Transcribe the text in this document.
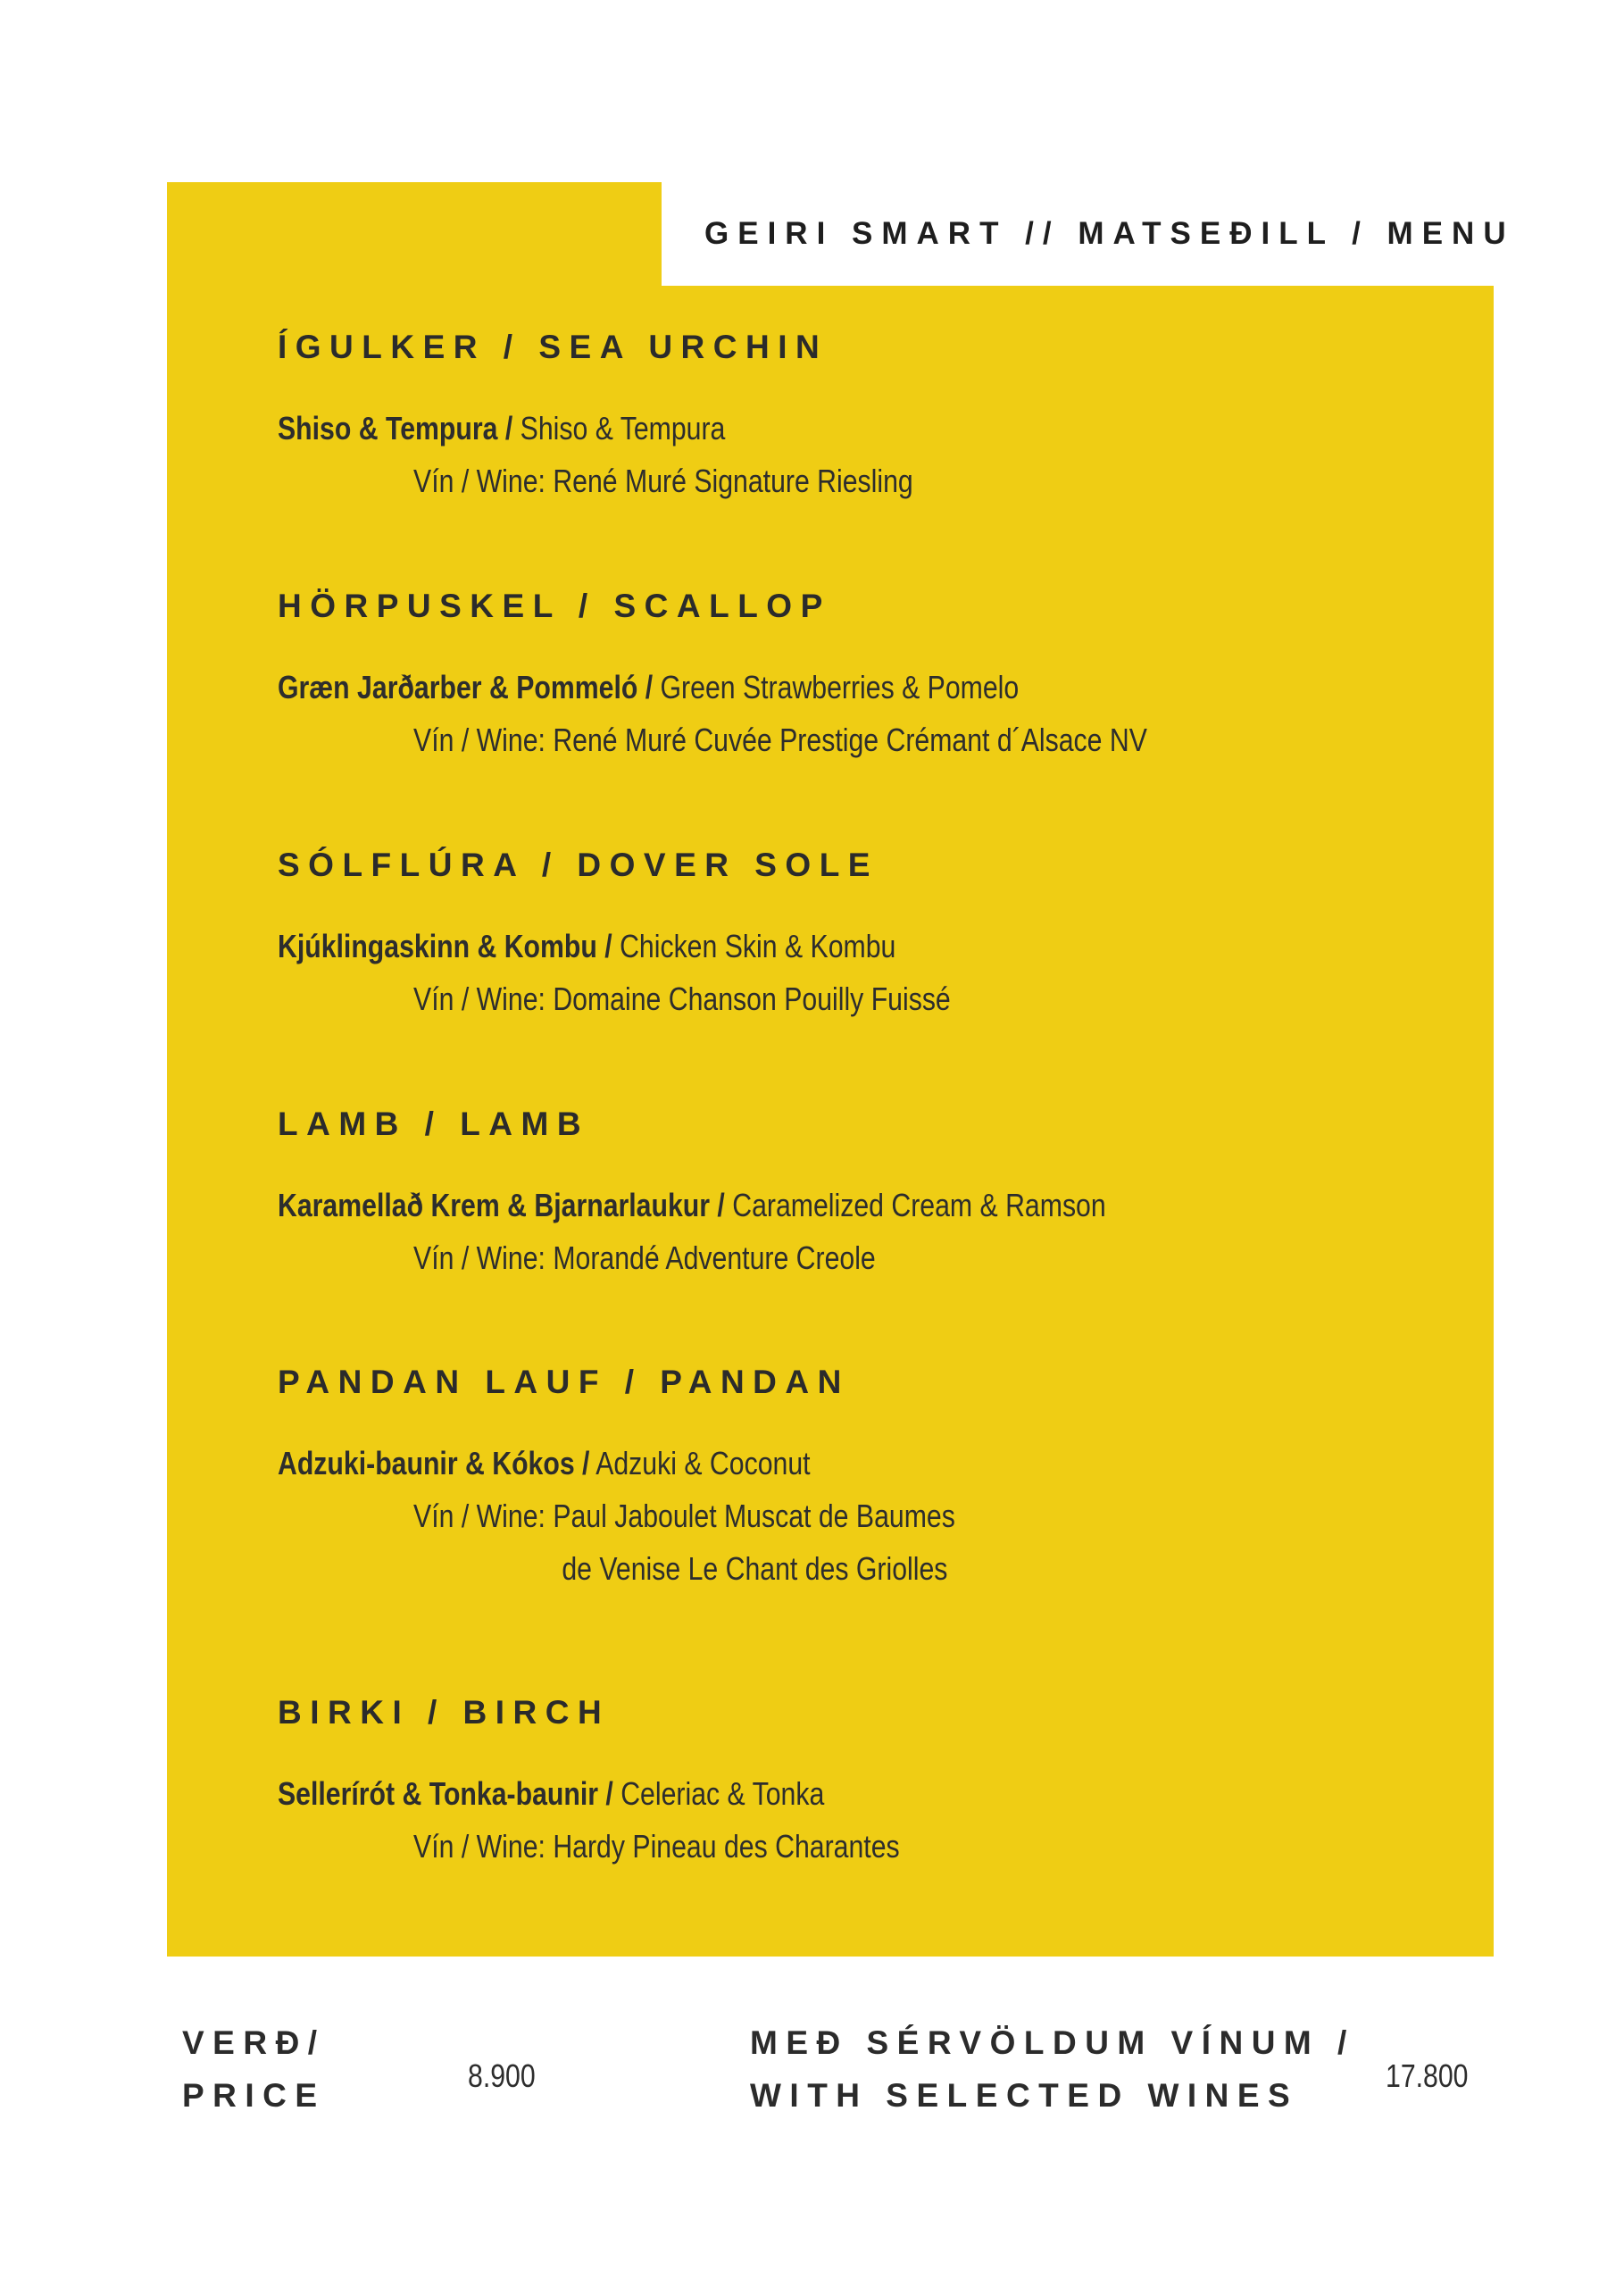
GEIRI SMART // MATSEÐILL / MENU
ÍGULKER / SEA URCHIN
Shiso & Tempura / Shiso & Tempura
Vín / Wine: René Muré Signature Riesling
HÖRPUSKEL / SCALLOP
Græn Jarðarber & Pommeló / Green Strawberries & Pomelo
Vín / Wine: René Muré Cuvée Prestige Crémant d´Alsace NV
SÓLFLÚRA / DOVER SOLE
Kjúklingaskinn & Kombu / Chicken Skin & Kombu
Vín / Wine: Domaine Chanson Pouilly Fuissé
LAMB / LAMB
Karamellað Krem & Bjarnarlaukur / Caramelized Cream & Ramson
Vín / Wine: Morandé Adventure Creole
PANDAN LAUF / PANDAN
Adzuki-baunir & Kókos / Adzuki & Coconut
Vín / Wine: Paul Jaboulet Muscat de Baumes
de Venise Le Chant des Griolles
BIRKI / BIRCH
Sellerírót & Tonka-baunir / Celeriac & Tonka
Vín / Wine: Hardy Pineau des Charantes
VERÐ/
PRICE
8.900
MEÐ SÉRVÖLDUM VÍNUM /
WITH SELECTED WINES
17.800
